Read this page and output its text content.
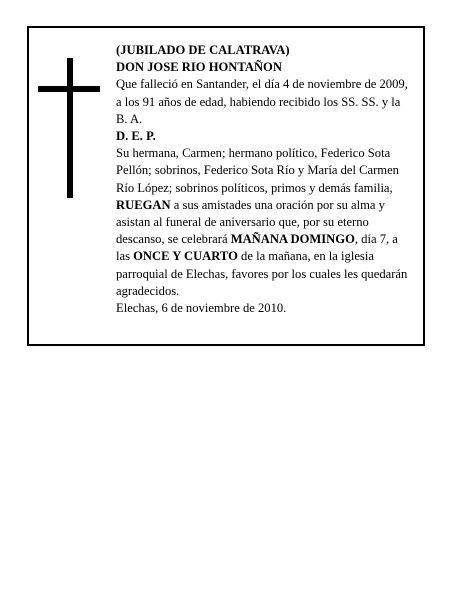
(JUBILADO DE CALATRAVA)

DON JOSE RIO HONTAÑON

Que falleció en Santander, el día 4 de noviembre de 2009,

a los 91 años de edad, habiendo recibido los SS. SS. y la B. A.

D. E. P.

Su hermana, Carmen; hermano político, Federico Sota Pellón; sobrinos, Federico Sota Río y María del Carmen Río López; sobrinos políticos, primos y demás familia,

RUEGAN a sus amistades una oración por su alma y asistan al funeral de aniversario que, por su eterno descanso, se celebrará MAÑANA DOMINGO, día 7, a las ONCE Y CUARTO de la mañana, en la iglesia parroquial de Elechas, favores por los cuales les quedarán agradecidos.

Elechas, 6 de noviembre de 2010.
